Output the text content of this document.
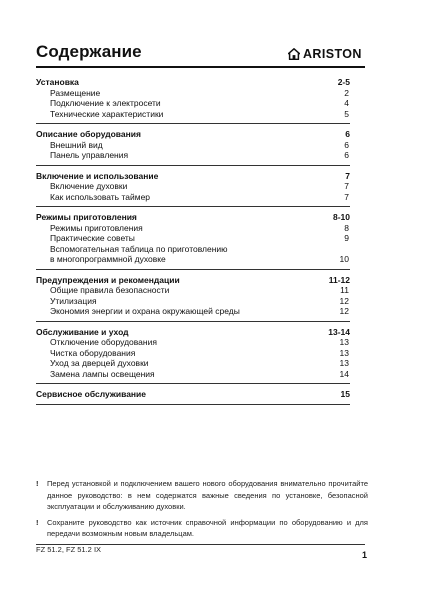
Содержание	ARISTON
Установка	2-5
Размещение	2
Подключение к электросети	4
Технические характеристики	5
Описание оборудования	6
Внешний вид	6
Панель управления	6
Включение и использование	7
Включение духовки	7
Как использовать таймер	7
Режимы приготовления	8-10
Режимы приготовления	8
Практические советы	9
Вспомогательная таблица по приготовлению
в многопрограммной духовке	10
Предупреждения и рекомендации	11-12
Общие правила безопасности	11
Утилизация	12
Экономия энергии и охрана окружающей среды	12
Обслуживание и уход	13-14
Отключение оборудования	13
Чистка оборудования	13
Уход за дверцей духовки	13
Замена лампы освещения	14
Сервисное обслуживание	15
!	Перед установкой и подключением вашего нового оборудования внимательно прочитайте данное руководство: в нем содержатся важные сведения по установке, безопасной эксплуатации и обслуживанию духовки.
!	Сохраните руководство как источник справочной информации по оборудованию и для передачи возможным новым владельцам.
FZ 51.2, FZ 51.2 IX
1
